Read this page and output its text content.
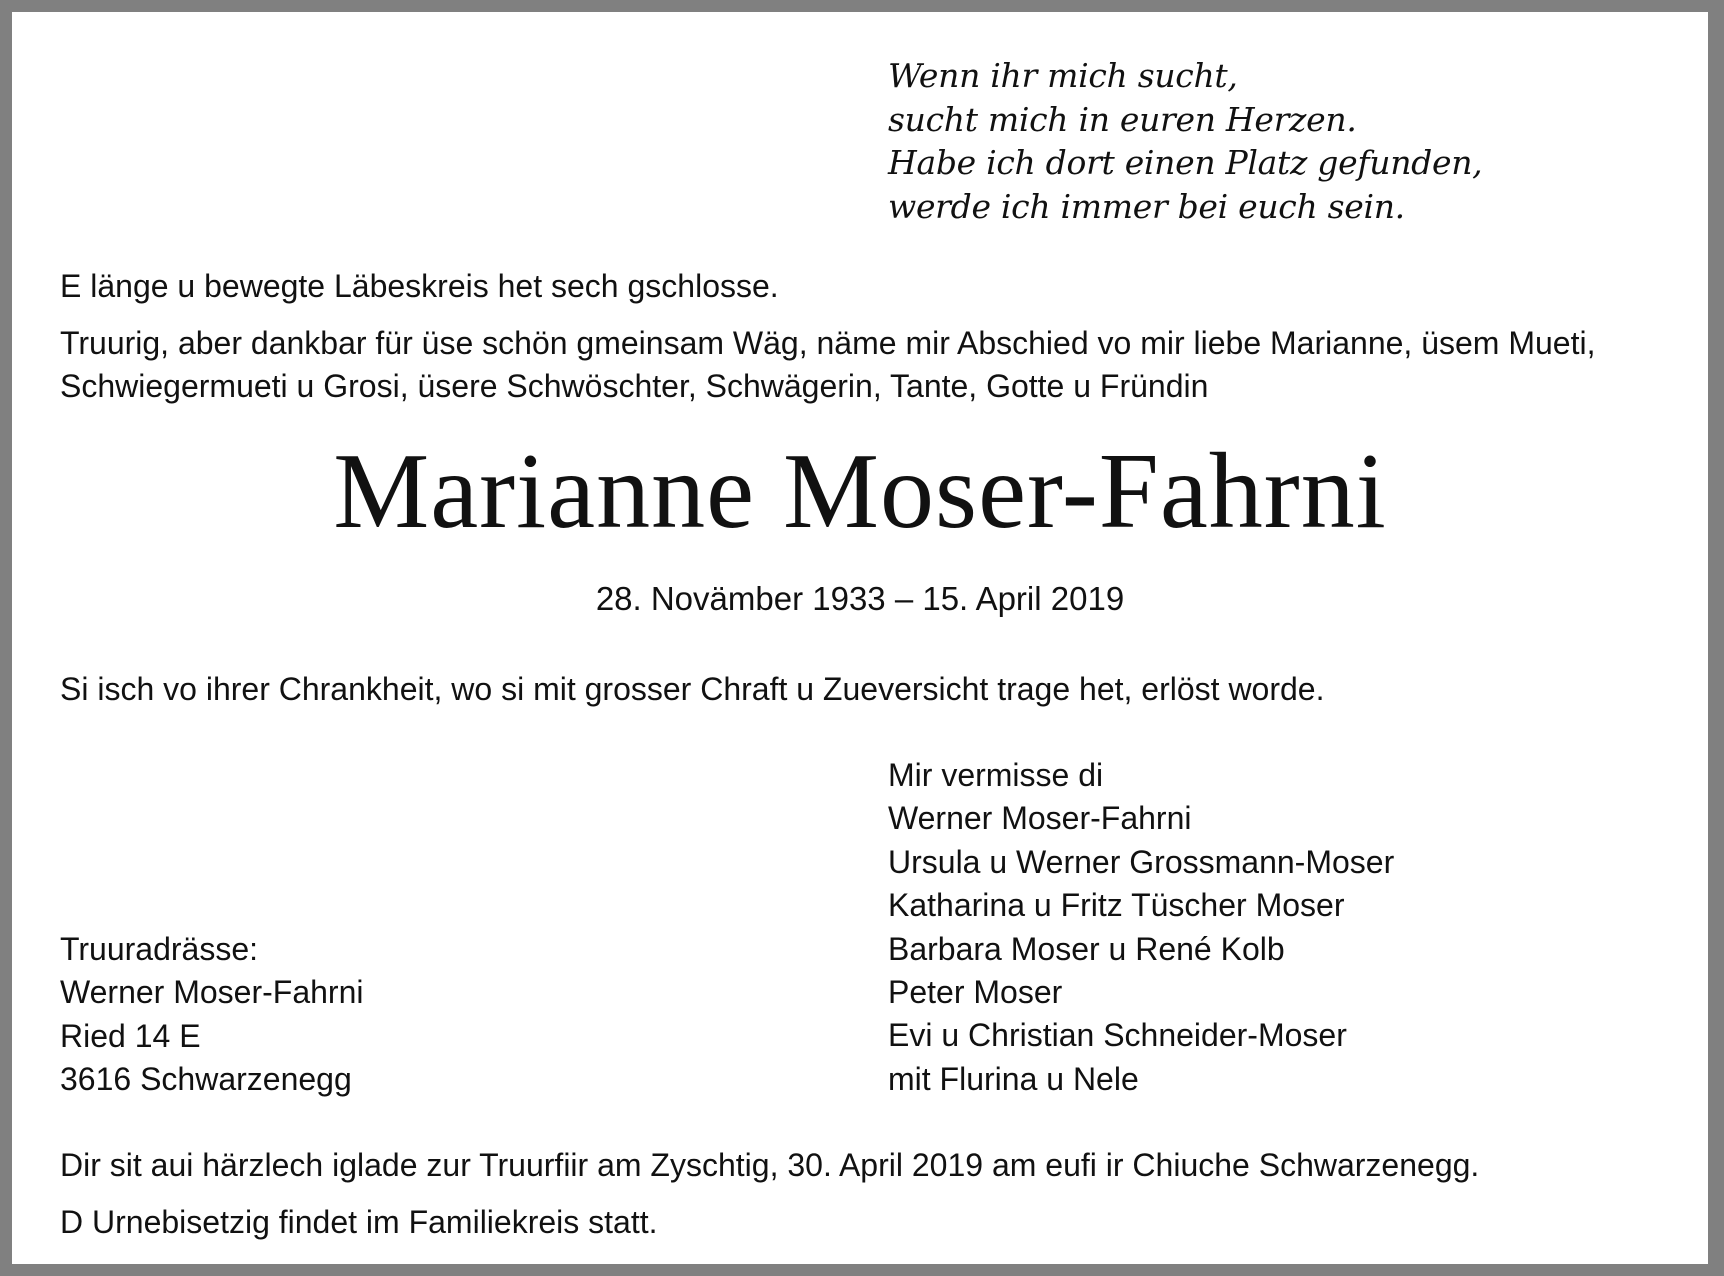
Wenn ihr mich sucht,
sucht mich in euren Herzen.
Habe ich dort einen Platz gefunden,
werde ich immer bei euch sein.
E länge u bewegte Läbeskreis het sech gschlosse.
Truurig, aber dankbar für üse schön gmeinsam Wäg, näme mir Abschied vo mir liebe Marianne, üsem Mueti,
Schwiegermueti u Grosi, üsere Schwöschter, Schwägerin, Tante, Gotte u Fründin
Marianne Moser-Fahrni
28. Novämber 1933 – 15. April 2019
Si isch vo ihrer Chrankheit, wo si mit grosser Chraft u Zueversicht trage het, erlöst worde.
Mir vermisse di
Werner Moser-Fahrni
Ursula u Werner Grossmann-Moser
Katharina u Fritz Tüscher Moser
Barbara Moser u René Kolb
Peter Moser
Evi u Christian Schneider-Moser
mit Flurina u Nele
Truuradrässe:
Werner Moser-Fahrni
Ried 14 E
3616 Schwarzenegg
Dir sit aui härzlech iglade zur Truurfiir am Zyschtig, 30. April 2019 am eufi ir Chiuche Schwarzenegg.
D Urnebisetzig findet im Familiekreis statt.
